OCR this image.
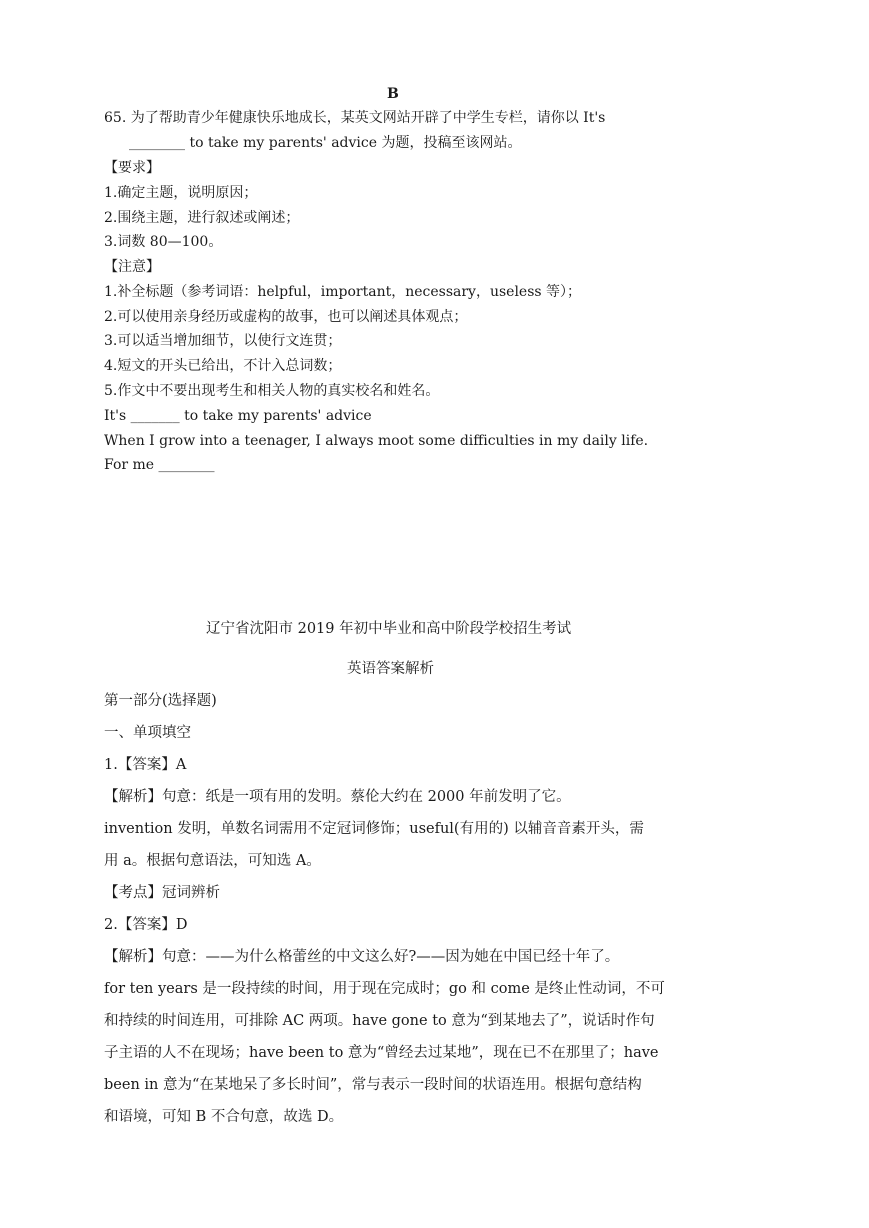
B
65. 为了帮助青少年健康快乐地成长，某英文网站开辟了中学生专栏，请你以 It's
________ to take my parents' advice 为题，投稿至该网站。
【要求】
1.确定主题，说明原因；
2.围绕主题，进行叙述或阐述；
3.词数 80—100。
【注意】
1.补全标题（参考词语：helpful，important，necessary，useless 等）；
2.可以使用亲身经历或虚构的故事，也可以阐述具体观点；
3.可以适当增加细节，以使行文连贯；
4.短文的开头已给出，不计入总词数；
5.作文中不要出现考生和相关人物的真实校名和姓名。
It's _______ to take my parents' advice
When I grow into a teenager, I always moot some difficulties in my daily life.
For me ________
辽宁省沈阳市 2019 年初中毕业和高中阶段学校招生考试
英语答案解析
第一部分(选择题)
一、单项填空
1.【答案】A
【解析】句意：纸是一项有用的发明。蔡伦大约在 2000 年前发明了它。
invention 发明，单数名词需用不定冠词修饰；useful(有用的) 以辅音音素开头，需
用 a。根据句意语法，可知选 A。
【考点】冠词辨析
2.【答案】D
【解析】句意：——为什么格蕾丝的中文这么好?——因为她在中国已经十年了。
for ten years 是一段持续的时间，用于现在完成时；go 和 come 是终止性动词，不可
和持续的时间连用，可排除 AC 两项。have gone to 意为“到某地去了”，说话时作句
子主语的人不在现场；have been to 意为“曾经去过某地”，现在已不在那里了；have
been in 意为“在某地呆了多长时间”，常与表示一段时间的状语连用。根据句意结构
和语境，可知 B 不合句意，故选 D。
